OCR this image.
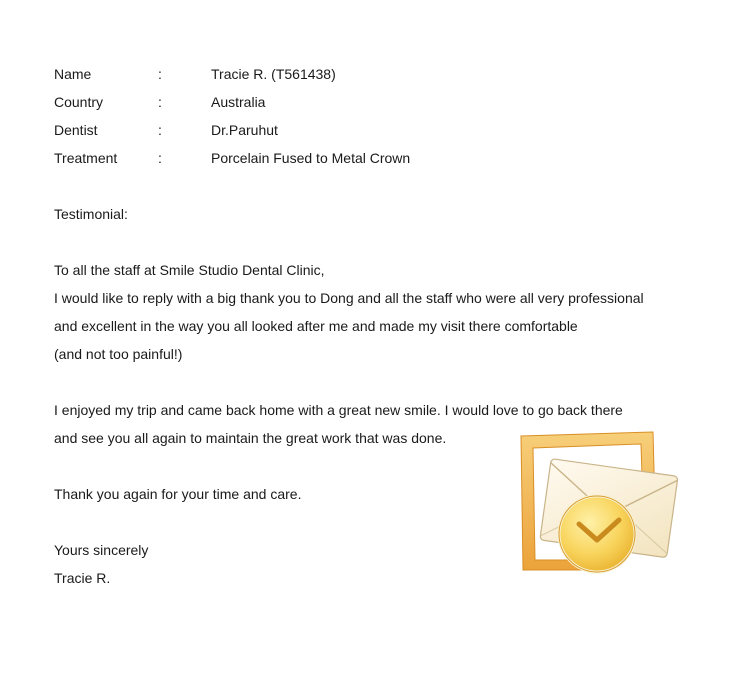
Name	:	Tracie R. (T561438)
Country	:	Australia
Dentist	:	Dr.Paruhut
Treatment	:	Porcelain Fused to Metal Crown
Testimonial:
To all the staff at Smile Studio Dental Clinic,
I would like to reply with a big thank you to Dong and all the staff who were all very professional
and excellent in the way you all looked after me and made my visit there comfortable
(and not too painful!)
I enjoyed my trip and came back home with a great new smile. I would love to go back there
and see you all again to maintain the great work that was done.
Thank you again for your time and care.
Yours sincerely
Tracie R.
